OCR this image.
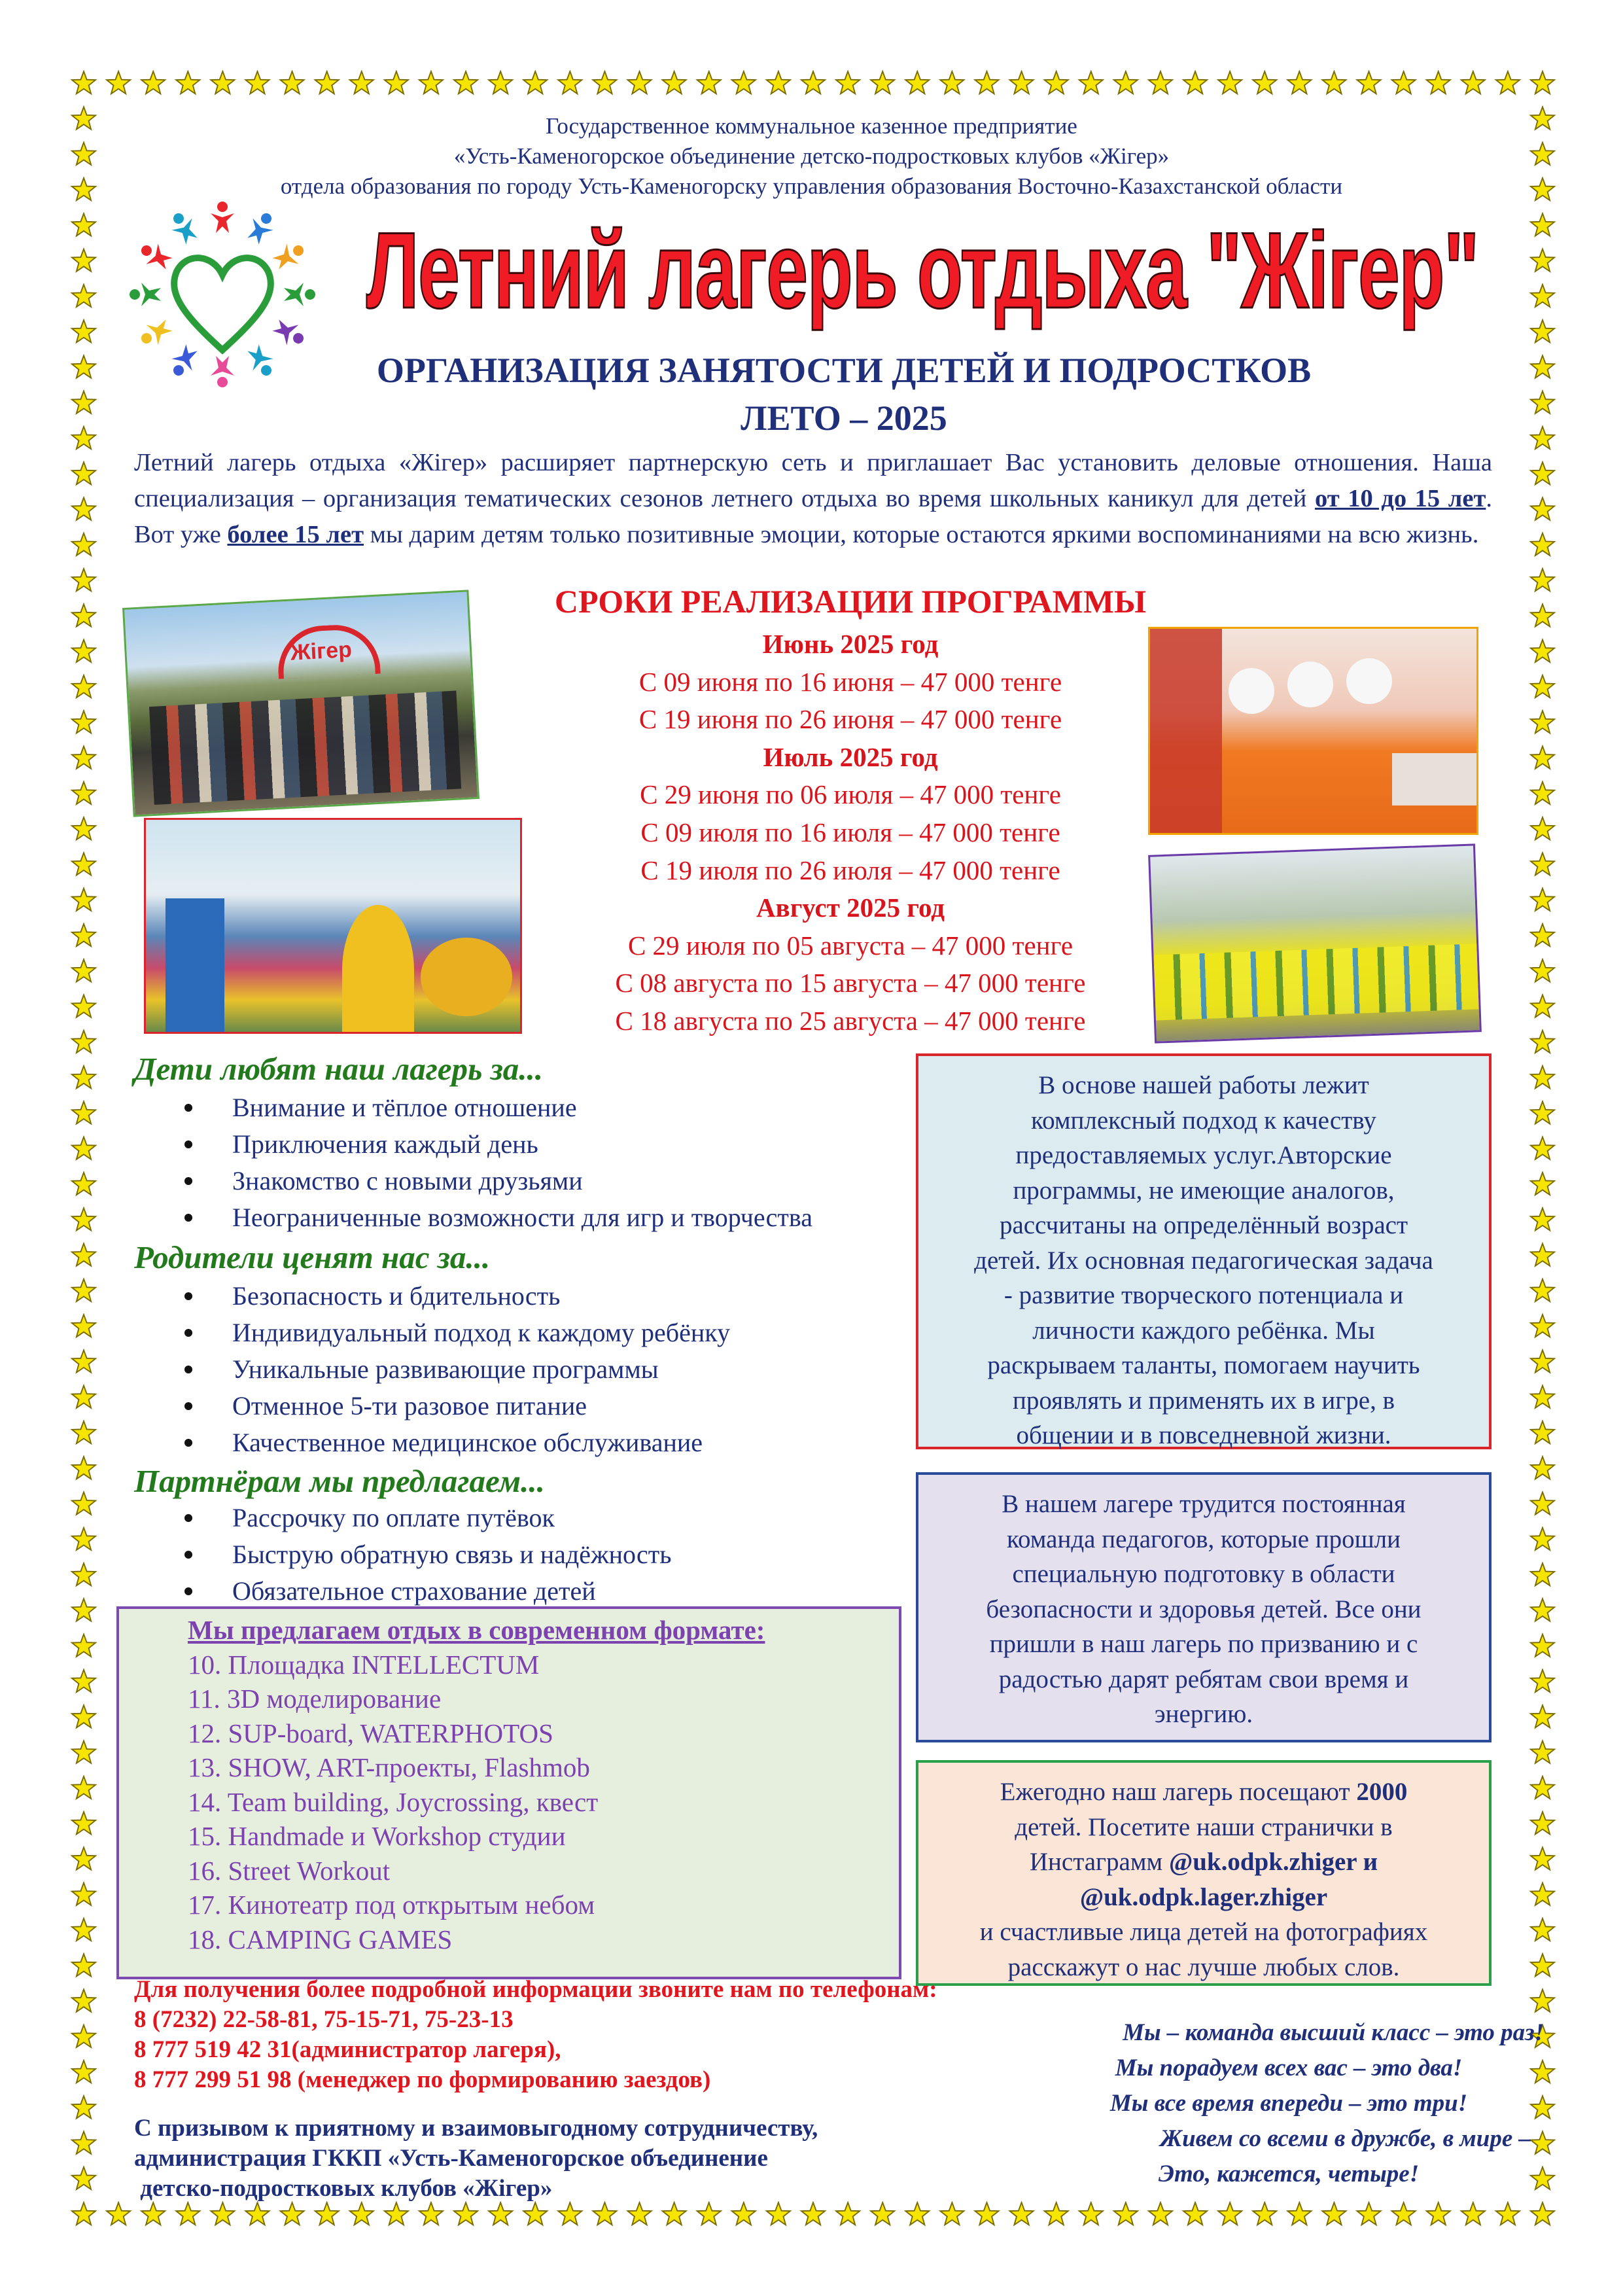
Государственное коммунальное казенное предприятие
«Усть-Каменогорское объединение детско-подростковых клубов «Жігер»
отдела образования по городу Усть-Каменогорску управления образования Восточно-Казахстанской области
Летний лагерь отдыха "Жігер"
ОРГАНИЗАЦИЯ ЗАНЯТОСТИ ДЕТЕЙ И ПОДРОСТКОВ
ЛЕТО – 2025
Летний лагерь отдыха «Жігер» расширяет партнерскую сеть и приглашает Вас установить деловые отношения. Наша специализация – организация тематических сезонов летнего отдыха во время школьных каникул для детей от 10 до 15 лет. Вот уже более 15 лет мы дарим детям только позитивные эмоции, которые остаются яркими воспоминаниями на всю жизнь.
СРОКИ РЕАЛИЗАЦИИ ПРОГРАММЫ
Июнь 2025 год
С 09 июня по 16 июня – 47 000 тенге
С 19 июня по 26 июня – 47 000 тенге
Июль 2025 год
С 29 июня по 06 июля – 47 000 тенге
С 09 июля по 16 июля – 47 000 тенге
С 19 июля по 26 июля – 47 000 тенге
Август 2025 год
С 29 июля по 05 августа – 47 000 тенге
С 08 августа по 15 августа – 47 000 тенге
С 18 августа по 25 августа – 47 000 тенге
Жігер
Дети любят наш лагерь за...
Внимание и тёплое отношение
Приключения каждый день
Знакомство с новыми друзьями
Неограниченные возможности для игр и творчества
Родители ценят нас за...
Безопасность и бдительность
Индивидуальный подход к каждому ребёнку
Уникальные развивающие программы
Отменное 5-ти разовое питание
Качественное медицинское обслуживание
Партнёрам мы предлагаем...
Рассрочку по оплате путёвок
Быструю обратную связь и надёжность
Обязательное страхование детей
Мы предлагаем отдых в современном формате:
10. Площадка INTELLECTUM
11. 3D моделирование
12. SUP-board, WATERPHOTOS
13. SHOW, ART-проекты, Flashmob
14. Team building, Joycrossing, квест
15. Handmade и Workshop студии
16. Street Workout
17. Кинотеатр под открытым небом
18. CAMPING GAMES
В основе нашей работы лежит
комплексный подход к качеству
предоставляемых услуг.Авторские
программы, не имеющие аналогов,
рассчитаны на определённый возраст
детей. Их основная педагогическая задача
- развитие творческого потенциала и
личности каждого ребёнка. Мы
раскрываем таланты, помогаем научить
проявлять и применять их в игре, в
общении и в повседневной жизни.
В нашем лагере трудится постоянная
команда педагогов, которые прошли
специальную подготовку в области
безопасности и здоровья детей. Все они
пришли в наш лагерь по призванию и с
радостью дарят ребятам свои время и
энергию.
Ежегодно наш лагерь посещают 2000
детей. Посетите наши странички в
Инстаграмм @uk.odpk.zhiger и
@uk.odpk.lager.zhiger
и счастливые лица детей на фотографиях
расскажут о нас лучше любых слов.
Для получения более подробной информации звоните нам по телефонам:
8 (7232) 22-58-81, 75-15-71, 75-23-13
8 777 519 42 31(администратор лагеря),
8 777 299 51 98 (менеджер по формированию заездов)
С призывом к приятному и взаимовыгодному сотрудничеству,
администрация ГККП «Усть-Каменогорское объединение
детско-подростковых клубов «Жігер»
Мы – команда высший класс – это раз!
Мы порадуем всех вас – это два!
Мы все время впереди – это три!
Живем со всеми в дружбе, в мире –
Это, кажется, четыре!
